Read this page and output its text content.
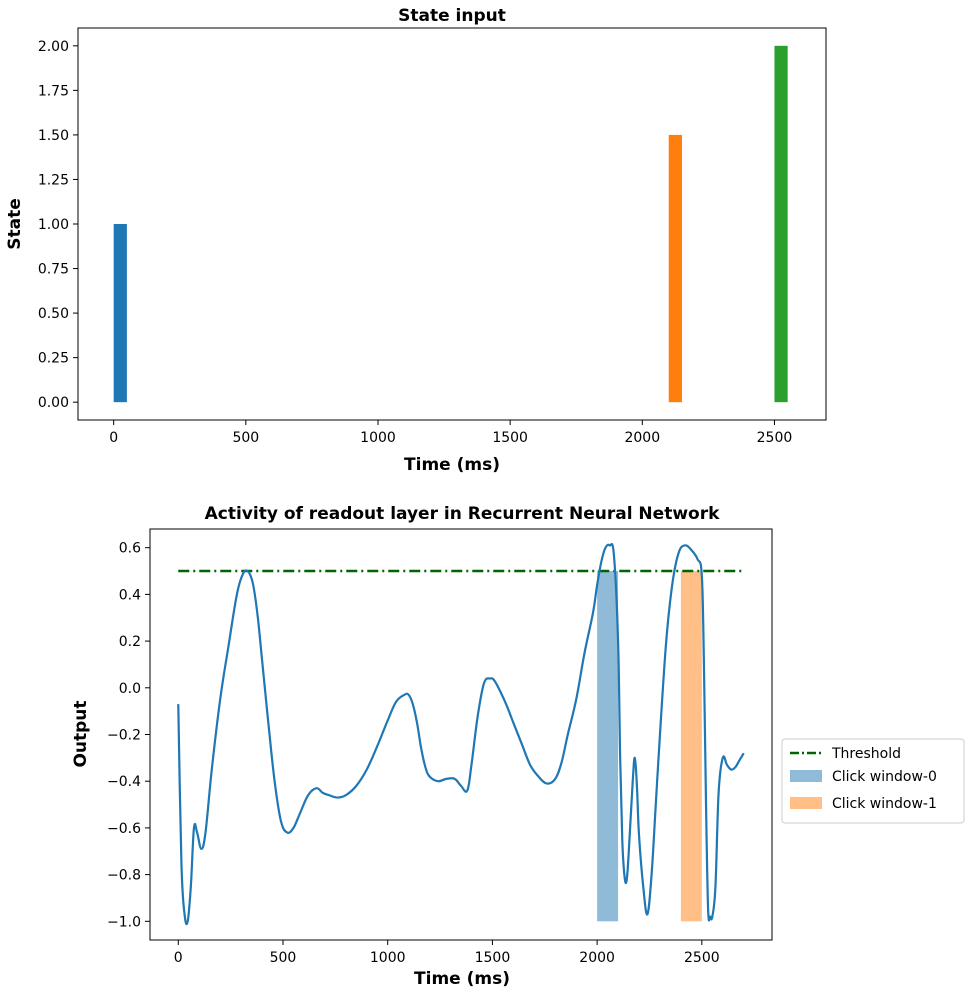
State input
0	500	1000	1500	2000	2500
0.00
0.25
0.50
0.75
1.00
1.25
1.50
1.75
2.00
Time (ms)
State
Activity of readout layer in Recurrent Neural Network
0	500	1000	1500	2000	2500
−1.0
−0.8
−0.6
−0.4
−0.2
0.0
0.2
0.4
0.6
Time (ms)
Output	Threshold
Click window-0
Click window-1
